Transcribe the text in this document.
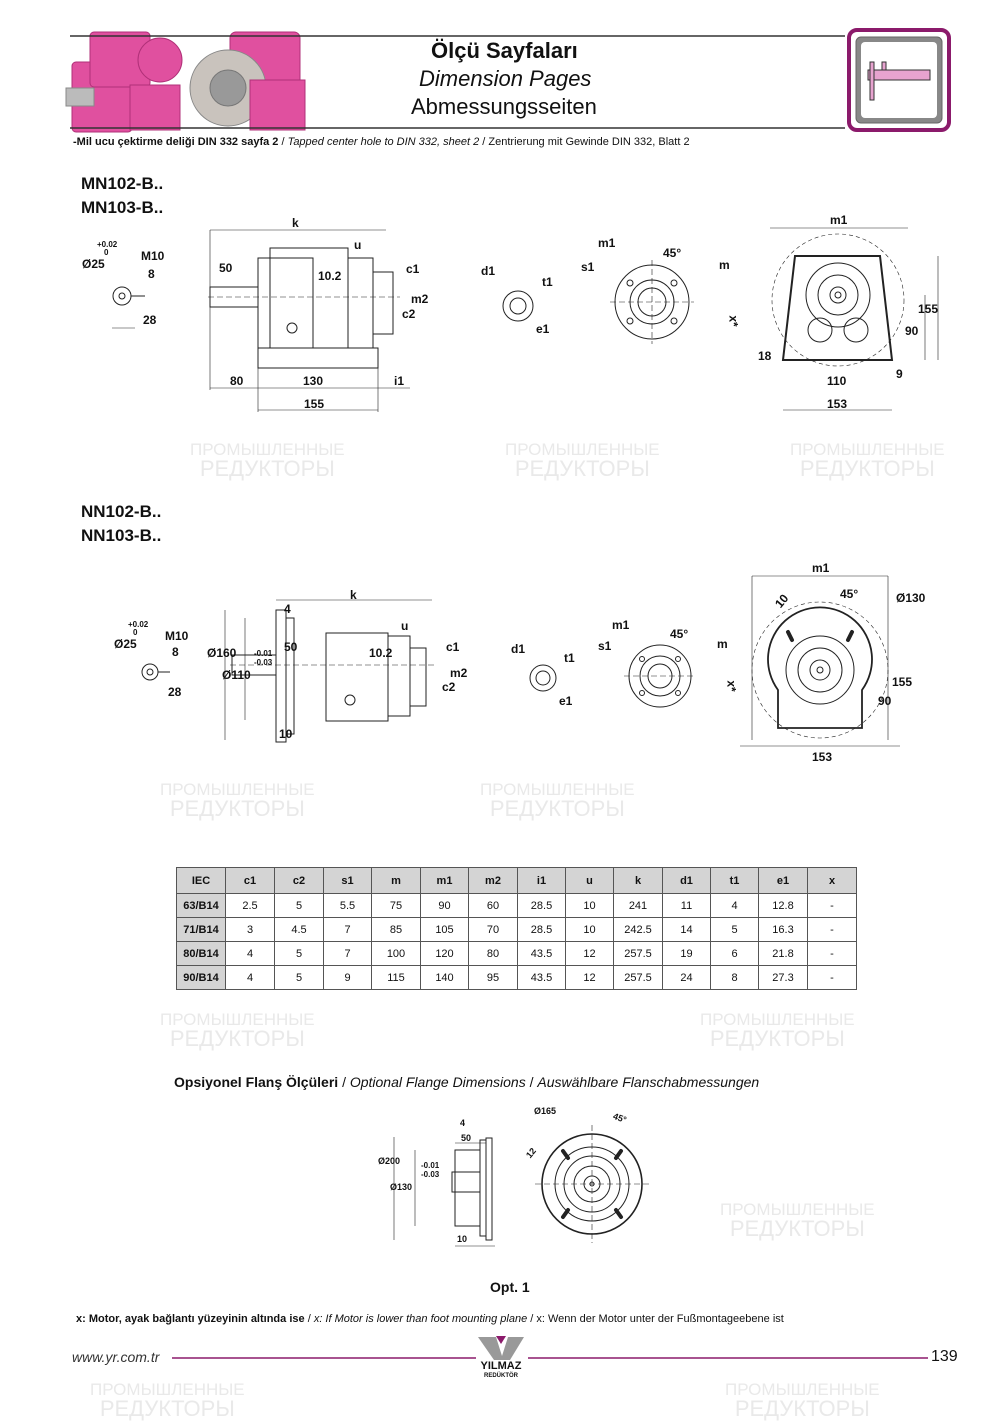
ПРОМЫШЛЕННЫЕ
РЕДУКТОРЫ
ПРОМЫШЛЕННЫЕ
РЕДУКТОРЫ
ПРОМЫШЛЕННЫЕ
РЕДУКТОРЫ
ПРОМЫШЛЕННЫЕ
РЕДУКТОРЫ
ПРОМЫШЛЕННЫЕ
РЕДУКТОРЫ
ПРОМЫШЛЕННЫЕ
РЕДУКТОРЫ
ПРОМЫШЛЕННЫЕ
РЕДУКТОРЫ
ПРОМЫШЛЕННЫЕ
РЕДУКТОРЫ
ПРОМЫШЛЕННЫЕ
РЕДУКТОРЫ
ПРОМЫШЛЕННЫЕ
РЕДУКТОРЫ
Ölçü Sayfaları
Dimension Pages
Abmessungsseiten
-Mil ucu çektirme deliği DIN 332 sayfa 2 / Tapped center hole to DIN 332, sheet 2 / Zentrierung mit Gewinde DIN 332, Blatt 2
MN102-B..
MN103-B..
+0.02
0
Ø25
M10
8
28
k
u
50
10.2	c1
m2
c2
80	130	i1
155
d1
t1
e1
m1
45°
s1	m
m1
155
90
x*
18
110	9
153
NN102-B..
NN103-B..
+0.02
0
Ø25
M10
8
28
4
k
u
Ø160	50
-0.01
-0.03
Ø110
10.2	c1
m2
c2
10
d1
t1
e1
m1
45°
s1	m
m1
10	45°	Ø130
155
90
x*
153
IEC	c1	c2	s1	m	m1	m2	i1	u	k	d1	t1	e1	x
63/B14	2.5	5	5.5	75	90	60	28.5	10	241	11	4	12.8	-
71/B14	3	4.5	7	85	105	70	28.5	10	242.5	14	5	16.3	-
80/B14	4	5	7	100	120	80	43.5	12	257.5	19	6	21.8	-
90/B14	4	5	9	115	140	95	43.5	12	257.5	24	8	27.3	-
Opsiyonel Flanş Ölçüleri / Optional Flange Dimensions / Auswählbare Flanschabmessungen
4
50
Ø200	-0.01
-0.03
Ø130
10
Ø165	45°
12
Opt. 1
x: Motor, ayak bağlantı yüzeyinin altında ise / x: If Motor is lower than foot mounting plane / x: Wenn der Motor unter der Fußmontageebene ist
www.yr.com.tr
YILMAZ
REDÜKTÖR
139
